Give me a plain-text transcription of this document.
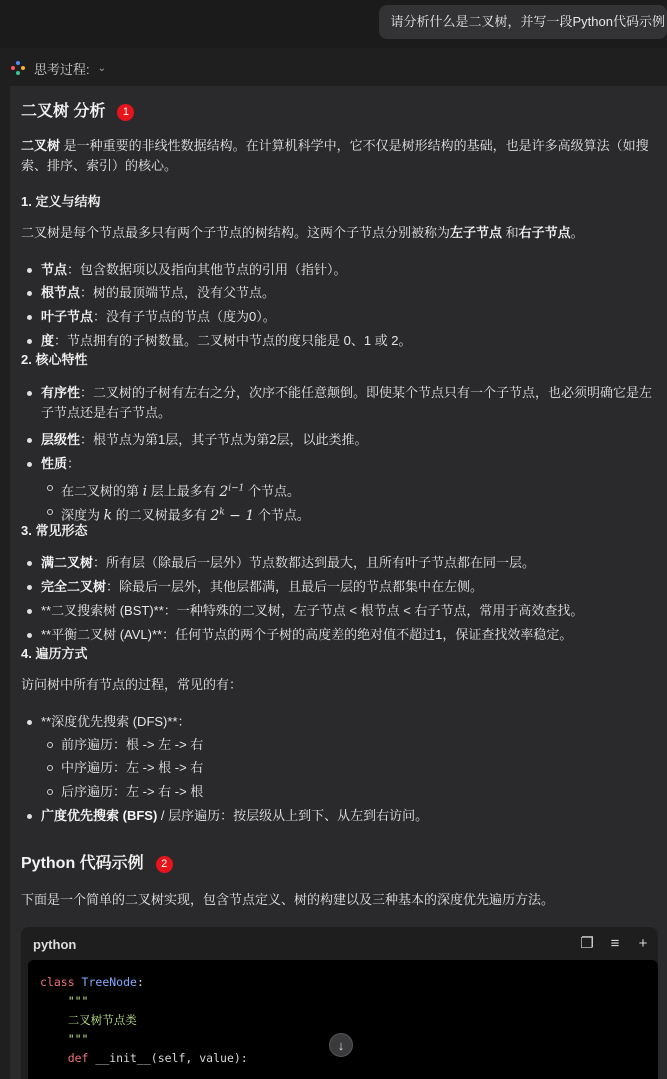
请分析什么是二叉树，并写一段Python代码示例
思考过程: ⌄
二叉树 分析	1
二叉树 是一种重要的非线性数据结构。在计算机科学中，它不仅是树形结构的基础，也是许多高级算法（如搜索、排序、索引）的核心。
1. 定义与结构
二叉树是每个节点最多只有两个子节点的树结构。这两个子节点分别被称为左子节点 和右子节点。
节点：包含数据项以及指向其他节点的引用（指针）。
根节点：树的最顶端节点，没有父节点。
叶子节点：没有子节点的节点（度为0）。
度：节点拥有的子树数量。二叉树中节点的度只能是 0、1 或 2。
2. 核心特性
有序性：二叉树的子树有左右之分，次序不能任意颠倒。即使某个节点只有一个子节点，也必须明确它是左子节点还是右子节点。
层级性：根节点为第1层，其子节点为第2层，以此类推。
性质：
在二叉树的第 i 层上最多有 $2^{i-1}$ 个节点。
深度为 k 的二叉树最多有 $2^k - 1$ 个节点。
3. 常见形态
满二叉树：所有层（除最后一层外）节点数都达到最大，且所有叶子节点都在同一层。
完全二叉树：除最后一层外，其他层都满，且最后一层的节点都集中在左侧。
**二叉搜索树 (BST)**：一种特殊的二叉树，左子节点 < 根节点 < 右子节点，常用于高效查找。
**平衡二叉树 (AVL)**：任何节点的两个子树的高度差的绝对值不超过1，保证查找效率稳定。
4. 遍历方式
访问树中所有节点的过程，常见的有：
**深度优先搜索 (DFS)**：
前序遍历：根 -> 左 -> 右
中序遍历：左 -> 根 -> 右
后序遍历：左 -> 右 -> 根
广度优先搜索 (BFS) / 层序遍历：按层级从上到下、从左到右访问。
Python 代码示例	2
下面是一个简单的二叉树实现，包含节点定义、树的构建以及三种基本的深度优先遍历方法。
python	❐	≡	+
class TreeNode:
"""
二叉树节点类
"""
def __init__(self, value):
↓
